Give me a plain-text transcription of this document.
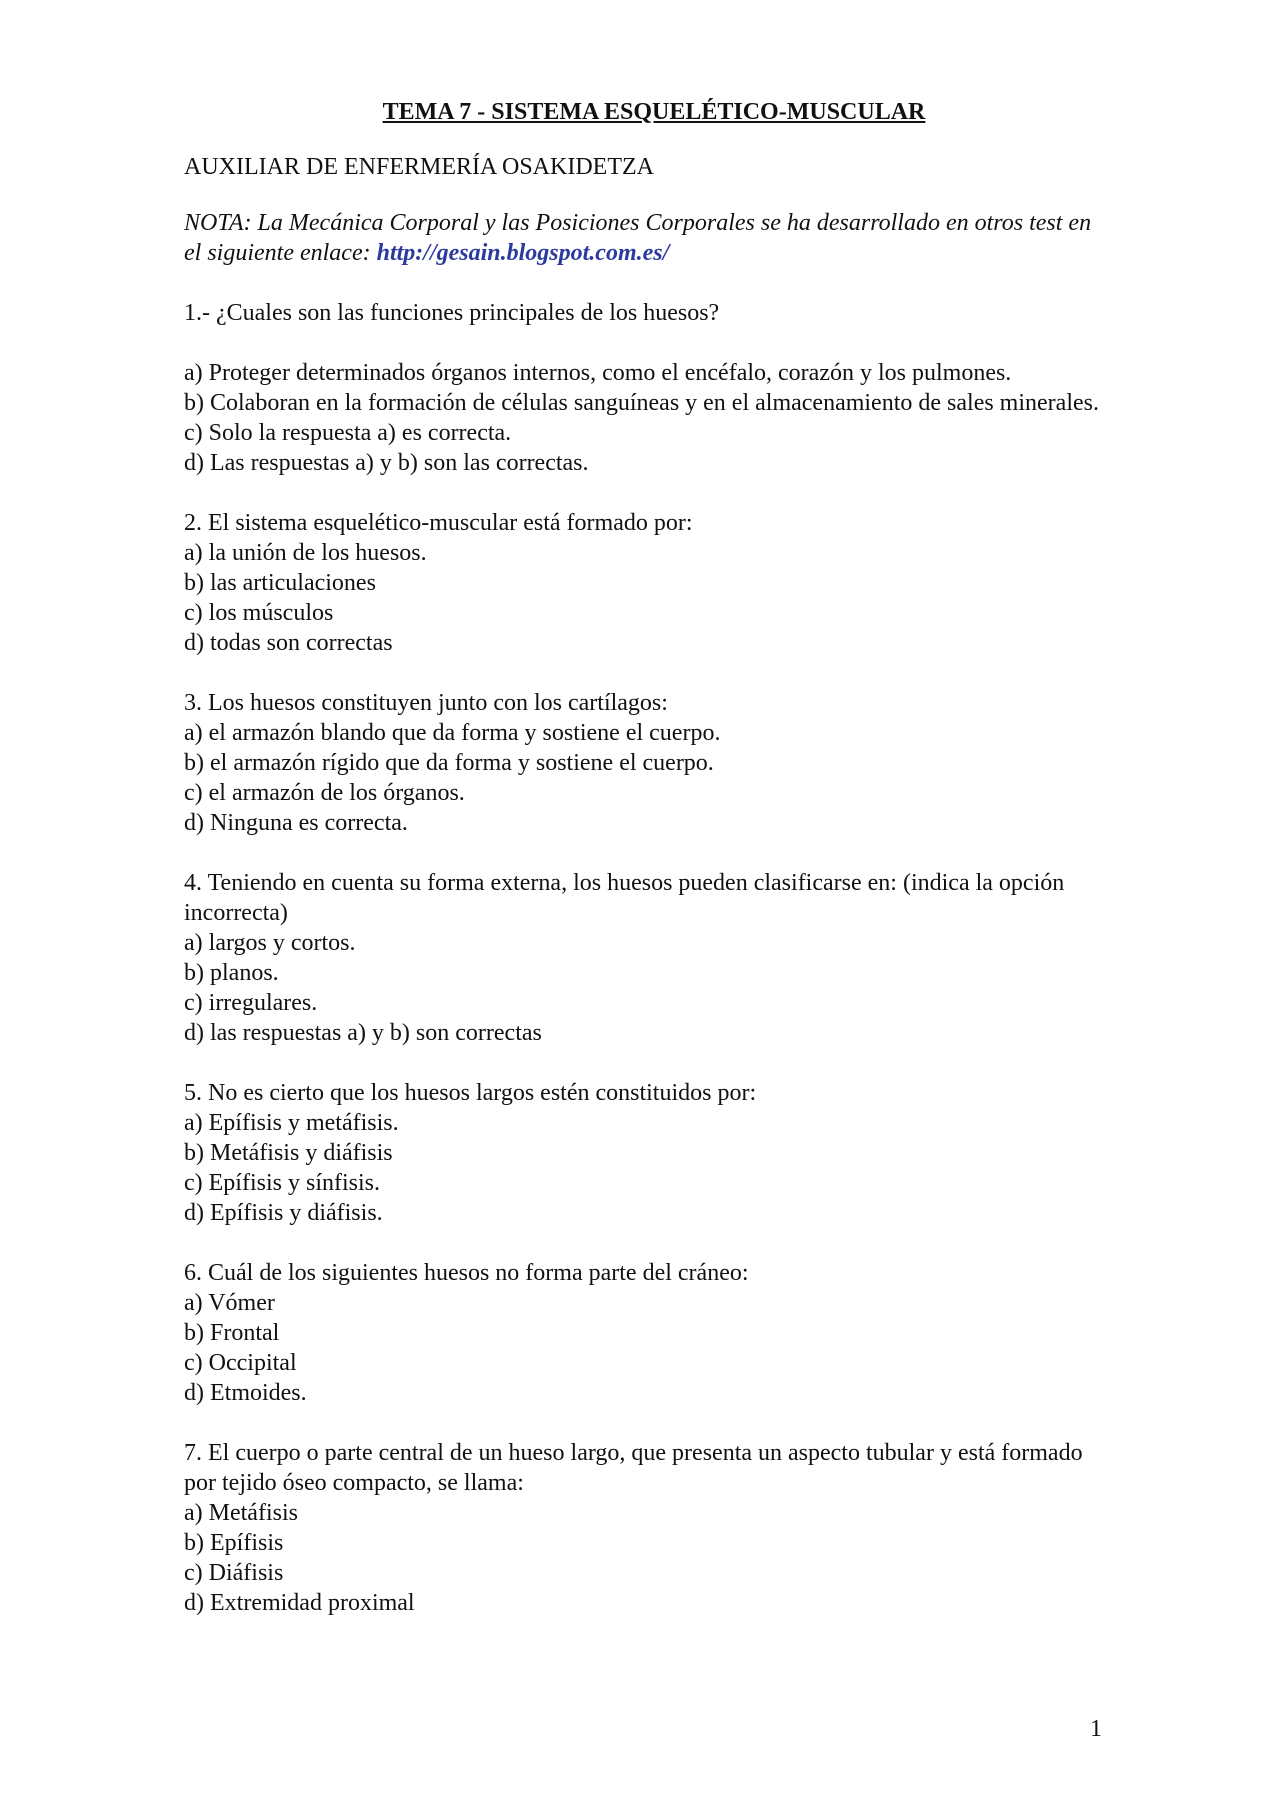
TEMA 7 - SISTEMA ESQUELÉTICO-MUSCULAR

AUXILIAR DE ENFERMERÍA OSAKIDETZA

NOTA: La Mecánica Corporal y las Posiciones Corporales se ha desarrollado en otros test en el siguiente enlace: http://gesain.blogspot.com.es/

1.- ¿Cuales son las funciones principales de los huesos?

a) Proteger determinados órganos internos, como el encéfalo, corazón y los pulmones.
b) Colaboran en la formación de células sanguíneas y en el almacenamiento de sales minerales.
c) Solo la respuesta a) es correcta.
d) Las respuestas a) y b) son las correctas.

2. El sistema esquelético-muscular está formado por:

a) la unión de los huesos.
b) las articulaciones
c) los músculos
d) todas son correctas

3. Los huesos constituyen junto con los cartílagos:

a) el armazón blando que da forma y sostiene el cuerpo.
b) el armazón rígido que da forma y sostiene el cuerpo.
c) el armazón de los órganos.
d) Ninguna es correcta.

4. Teniendo en cuenta su forma externa, los huesos pueden clasificarse en: (indica la opción incorrecta)

a) largos y cortos.
b) planos.
c) irregulares.
d) las respuestas a) y b) son correctas

5. No es cierto que los huesos largos estén constituidos por:

a) Epífisis y metáfisis.
b) Metáfisis y diáfisis
c) Epífisis y sínfisis.
d) Epífisis y diáfisis.

6. Cuál de los siguientes huesos no forma parte del cráneo:

a) Vómer
b) Frontal
c) Occipital
d) Etmoides.

7. El cuerpo o parte central de un hueso largo, que presenta un aspecto tubular y está formado por tejido óseo compacto, se llama:

a) Metáfisis
b) Epífisis
c) Diáfisis
d) Extremidad proximal
1
